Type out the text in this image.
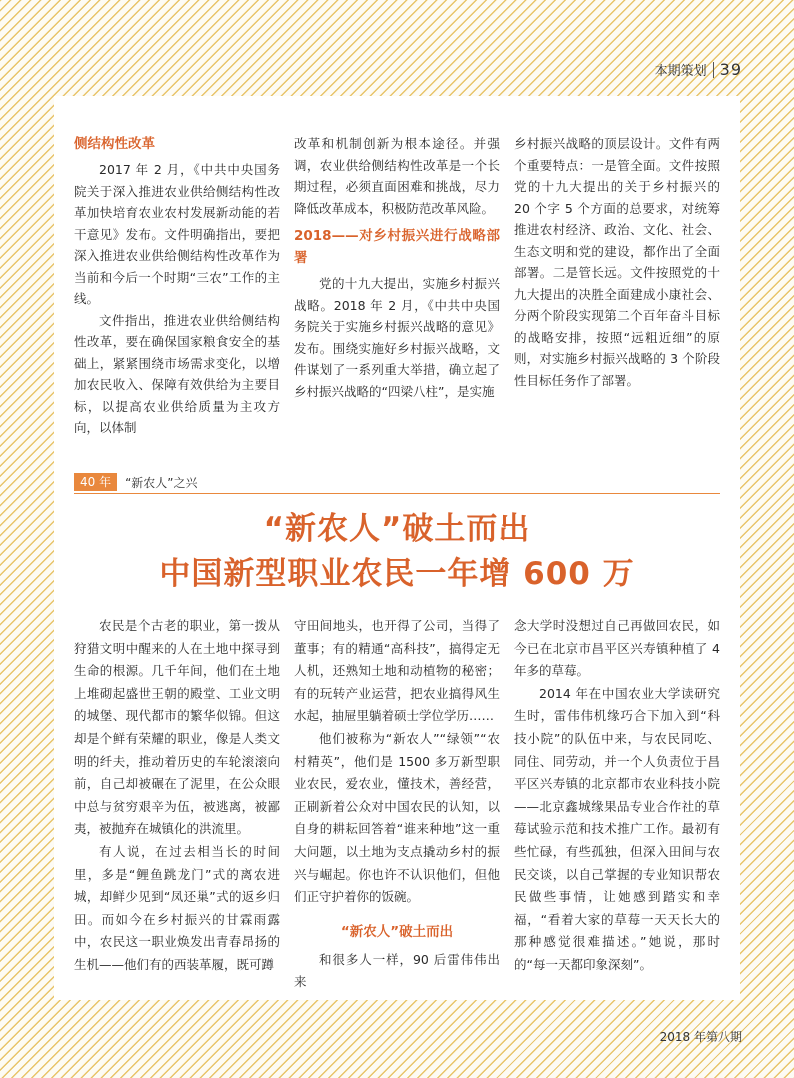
本期策划 39
侧结构性改革

2017 年 2 月，《中共中央国务院关于深入推进农业供给侧结构性改革加快培育农业农村发展新动能的若干意见》发布。文件明确指出，要把深入推进农业供给侧结构性改革作为当前和今后一个时期“三农”工作的主线。

文件指出，推进农业供给侧结构性改革，要在确保国家粮食安全的基础上，紧紧围绕市场需求变化，以增加农民收入、保障有效供给为主要目标，以提高农业供给质量为主攻方向，以体制

改革和机制创新为根本途径。并强调，农业供给侧结构性改革是一个长期过程，必须直面困难和挑战，尽力降低改革成本，积极防范改革风险。

2018——对乡村振兴进行战略部署

党的十九大提出，实施乡村振兴战略。2018 年 2 月，《中共中央国务院关于实施乡村振兴战略的意见》发布。围绕实施好乡村振兴战略，文件谋划了一系列重大举措，确立起了乡村振兴战略的“四梁八柱”，是实施

乡村振兴战略的顶层设计。文件有两个重要特点：一是管全面。文件按照党的十九大提出的关于乡村振兴的 20 个字 5 个方面的总要求，对统筹推进农村经济、政治、文化、社会、生态文明和党的建设，都作出了全面部署。二是管长远。文件按照党的十九大提出的决胜全面建成小康社会、分两个阶段实现第二个百年奋斗目标的战略安排，按照“远粗近细”的原则，对实施乡村振兴战略的 3 个阶段性目标任务作了部署。

40 年	“新农人”之兴
“新农人”破土而出
中国新型职业农民一年增 600 万

农民是个古老的职业，第一拨从狩猎文明中醒来的人在土地中探寻到生命的根源。几千年间，他们在土地上堆砌起盛世王朝的殿堂、工业文明的城堡、现代都市的繁华似锦。但这却是个鲜有荣耀的职业，像是人类文明的纤夫，推动着历史的车轮滚滚向前，自己却被碾在了泥里，在公众眼中总与贫穷艰辛为伍，被逃离，被鄙夷，被抛弃在城镇化的洪流里。

有人说，在过去相当长的时间里，多是“鲤鱼跳龙门”式的离农进城，却鲜少见到“凤还巢”式的返乡归田。而如今在乡村振兴的甘霖雨露中，农民这一职业焕发出青春昂扬的生机——他们有的西装革履，既可蹲

守田间地头，也开得了公司，当得了董事；有的精通“高科技”，搞得定无人机，还熟知土地和动植物的秘密；有的玩转产业运营，把农业搞得风生水起，抽屉里躺着硕士学位学历……

他们被称为“新农人”“绿领”“农村精英”，他们是 1500 多万新型职业农民，爱农业，懂技术，善经营，正刷新着公众对中国农民的认知，以自身的耕耘回答着“谁来种地”这一重大问题，以土地为支点撬动乡村的振兴与崛起。你也许不认识他们，但他们正守护着你的饭碗。

“新农人”破土而出

和很多人一样，90 后雷伟伟出来

念大学时没想过自己再做回农民，如今已在北京市昌平区兴寿镇种植了 4 年多的草莓。

2014 年在中国农业大学读研究生时，雷伟伟机缘巧合下加入到“科技小院”的队伍中来，与农民同吃、同住、同劳动，并一个人负责位于昌平区兴寿镇的北京都市农业科技小院——北京鑫城缘果品专业合作社的草莓试验示范和技术推广工作。最初有些忙碌，有些孤独，但深入田间与农民交谈，以自己掌握的专业知识帮农民做些事情，让她感到踏实和幸福，“看着大家的草莓一天天长大的那种感觉很难描述。”她说，那时的“每一天都印象深刻”。

2018 年第八期
